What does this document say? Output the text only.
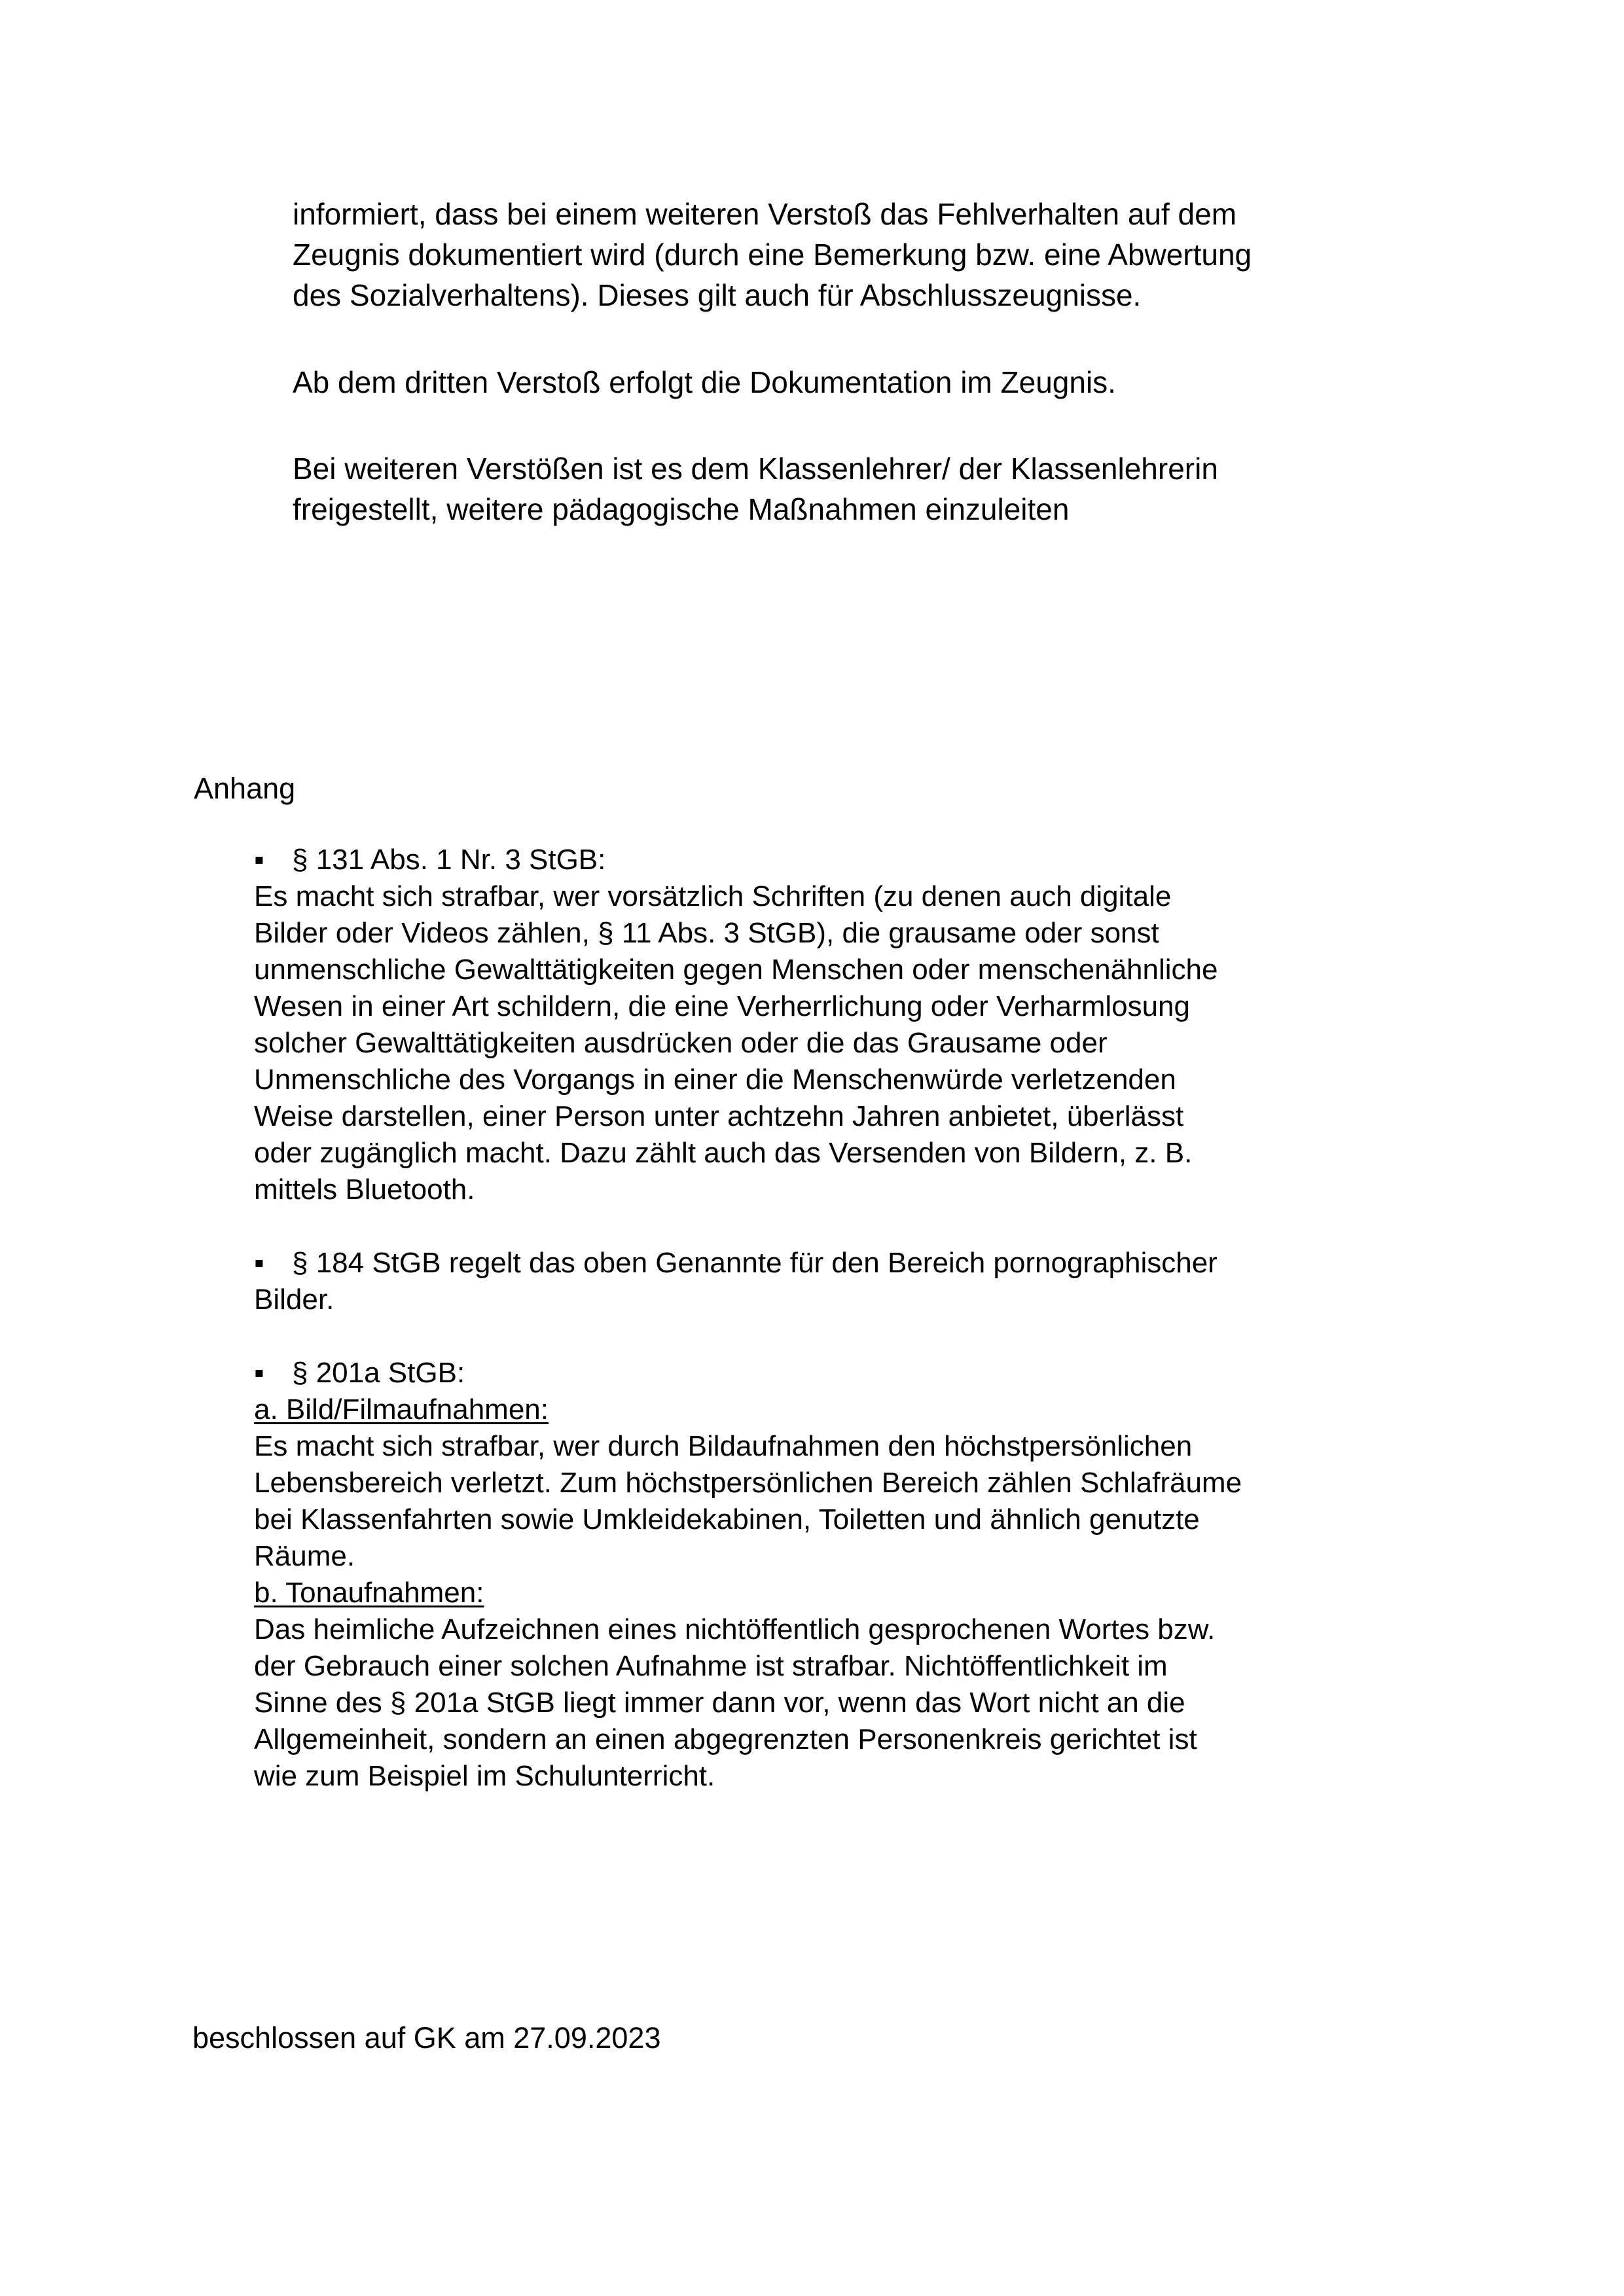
informiert, dass bei einem weiteren Verstoß das Fehlverhalten auf dem
Zeugnis dokumentiert wird (durch eine Bemerkung bzw. eine Abwertung
des Sozialverhaltens). Dieses gilt auch für Abschlusszeugnisse.
Ab dem dritten Verstoß erfolgt die Dokumentation im Zeugnis.
Bei weiteren Verstößen ist es dem Klassenlehrer/ der Klassenlehrerin
freigestellt, weitere pädagogische Maßnahmen einzuleiten
Anhang
▪ § 131 Abs. 1 Nr. 3 StGB:
Es macht sich strafbar, wer vorsätzlich Schriften (zu denen auch digitale
Bilder oder Videos zählen, § 11 Abs. 3 StGB), die grausame oder sonst
unmenschliche Gewalttätigkeiten gegen Menschen oder menschenähnliche
Wesen in einer Art schildern, die eine Verherrlichung oder Verharmlosung
solcher Gewalttätigkeiten ausdrücken oder die das Grausame oder
Unmenschliche des Vorgangs in einer die Menschenwürde verletzenden
Weise darstellen, einer Person unter achtzehn Jahren anbietet, überlässt
oder zugänglich macht. Dazu zählt auch das Versenden von Bildern, z. B.
mittels Bluetooth.
▪ § 184 StGB regelt das oben Genannte für den Bereich pornographischer
Bilder.
▪ § 201a StGB:
a. Bild/Filmaufnahmen:
Es macht sich strafbar, wer durch Bildaufnahmen den höchstpersönlichen
Lebensbereich verletzt. Zum höchstpersönlichen Bereich zählen Schlafräume
bei Klassenfahrten sowie Umkleidekabinen, Toiletten und ähnlich genutzte
Räume.
b. Tonaufnahmen:
Das heimliche Aufzeichnen eines nichtöffentlich gesprochenen Wortes bzw.
der Gebrauch einer solchen Aufnahme ist strafbar. Nichtöffentlichkeit im
Sinne des § 201a StGB liegt immer dann vor, wenn das Wort nicht an die
Allgemeinheit, sondern an einen abgegrenzten Personenkreis gerichtet ist
wie zum Beispiel im Schulunterricht.
beschlossen auf GK am 27.09.2023
